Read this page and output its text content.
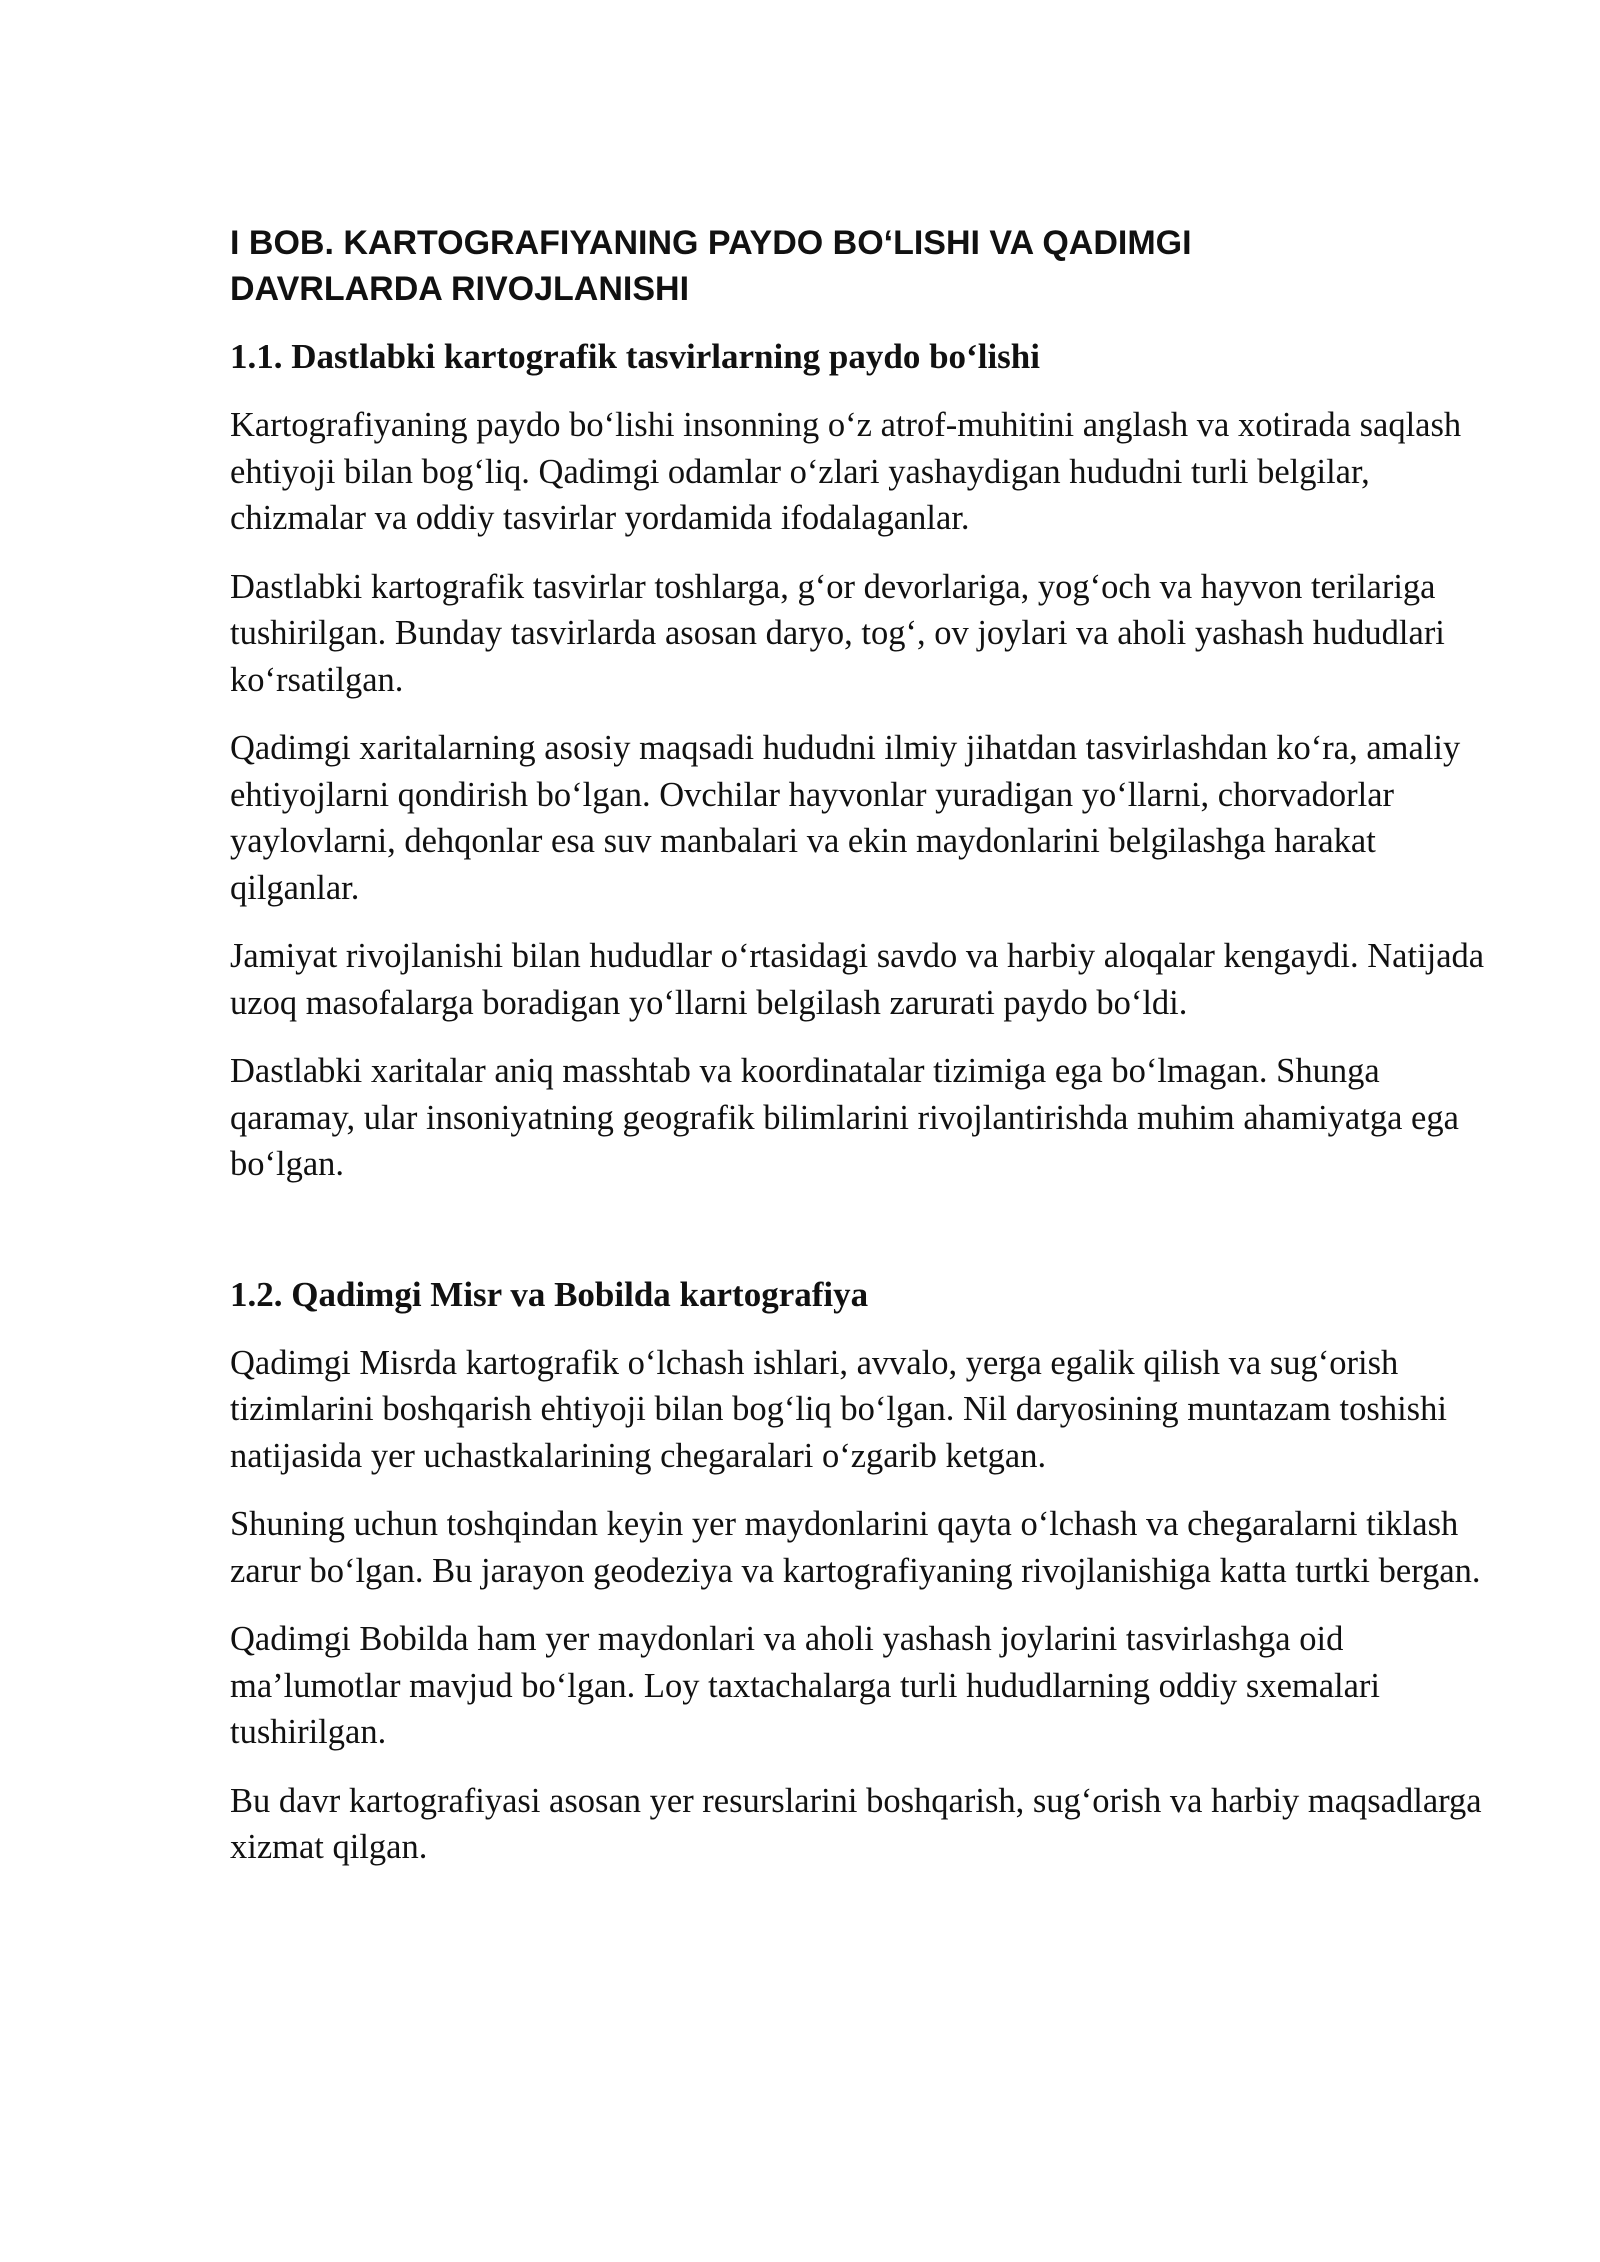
I BOB. KARTOGRAFIYANING PAYDO BO‘LISHI VA QADIMGI
DAVRLARDA RIVOJLANISHI
1.1. Dastlabki kartografik tasvirlarning paydo bo‘lishi

Kartografiyaning paydo bo‘lishi insonning o‘z atrof-muhitini anglash va xotirada saqlash ehtiyoji bilan bog‘liq. Qadimgi odamlar o‘zlari yashaydigan hududni turli belgilar, chizmalar va oddiy tasvirlar yordamida ifodalaganlar.

Dastlabki kartografik tasvirlar toshlarga, g‘or devorlariga, yog‘och va hayvon terilariga tushirilgan. Bunday tasvirlarda asosan daryo, tog‘, ov joylari va aholi yashash hududlari ko‘rsatilgan.

Qadimgi xaritalarning asosiy maqsadi hududni ilmiy jihatdan tasvirlashdan ko‘ra, amaliy ehtiyojlarni qondirish bo‘lgan. Ovchilar hayvonlar yuradigan yo‘llarni, chorvadorlar yaylovlarni, dehqonlar esa suv manbalari va ekin maydonlarini belgilashga harakat qilganlar.

Jamiyat rivojlanishi bilan hududlar o‘rtasidagi savdo va harbiy aloqalar kengaydi. Natijada uzoq masofalarga boradigan yo‘llarni belgilash zarurati paydo bo‘ldi.

Dastlabki xaritalar aniq masshtab va koordinatalar tizimiga ega bo‘lmagan. Shunga qaramay, ular insoniyatning geografik bilimlarini rivojlantirishda muhim ahamiyatga ega bo‘lgan.

1.2. Qadimgi Misr va Bobilda kartografiya

Qadimgi Misrda kartografik o‘lchash ishlari, avvalo, yerga egalik qilish va sug‘orish tizimlarini boshqarish ehtiyoji bilan bog‘liq bo‘lgan. Nil daryosining muntazam toshishi natijasida yer uchastkalarining chegaralari o‘zgarib ketgan.

Shuning uchun toshqindan keyin yer maydonlarini qayta o‘lchash va chegaralarni tiklash zarur bo‘lgan. Bu jarayon geodeziya va kartografiyaning rivojlanishiga katta turtki bergan.

Qadimgi Bobilda ham yer maydonlari va aholi yashash joylarini tasvirlashga oid ma’lumotlar mavjud bo‘lgan. Loy taxtachalarga turli hududlarning oddiy sxemalari tushirilgan.

Bu davr kartografiyasi asosan yer resurslarini boshqarish, sug‘orish va harbiy maqsadlarga xizmat qilgan.
